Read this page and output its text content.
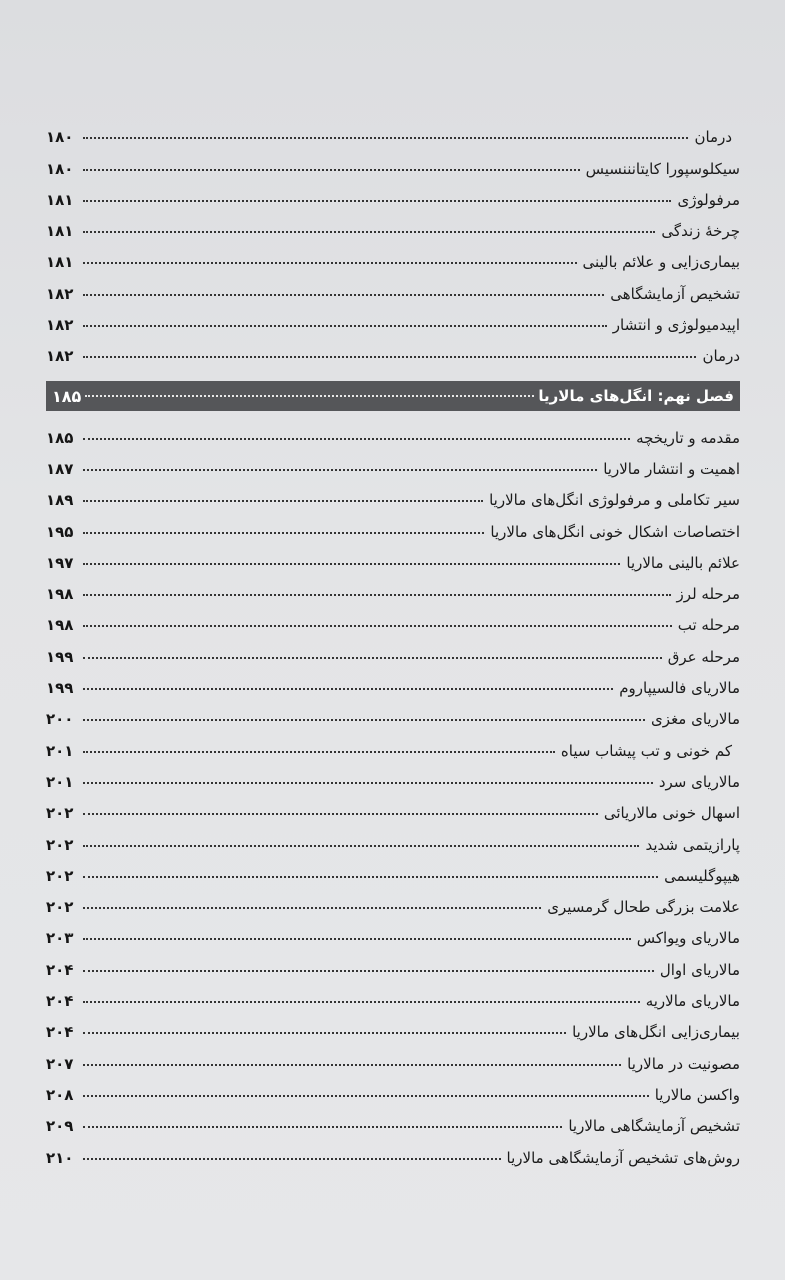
درمان
۱۸۰
سیکلوسپورا کایتانننسیس
۱۸۰
مرفولوژی
۱۸۱
چرخهٔ زندگی
۱۸۱
بیماری‌زایی و علائم بالینی
۱۸۱
تشخیص آزمایشگاهی
۱۸۲
اپیدمیولوژی و انتشار
۱۸۲
درمان
۱۸۲
فصل نهم: انگل‌های مالاریا
۱۸۵
مقدمه و تاریخچه
۱۸۵
اهمیت و انتشار مالاریا
۱۸۷
سیر تکاملی و مرفولوژی انگل‌های مالاریا
۱۸۹
اختصاصات اشکال خونی انگل‌های مالاریا
۱۹۵
علائم بالینی مالاریا
۱۹۷
مرحله لرز
۱۹۸
مرحله تب
۱۹۸
مرحله عرق
۱۹۹
مالاریای فالسیپاروم
۱۹۹
مالاریای مغزی
۲۰۰
کم خونی و تب پیشاب سیاه
۲۰۱
مالاریای سرد
۲۰۱
اسهال خونی مالاریائی
۲۰۲
پارازیتمی شدید
۲۰۲
هیپوگلیسمی
۲۰۲
علامت بزرگی طحال گرمسیری
۲۰۲
مالاریای ویواکس
۲۰۳
مالاریای اوال
۲۰۴
مالاریای مالاریه
۲۰۴
بیماری‌زایی انگل‌های مالاریا
۲۰۴
مصونیت در مالاریا
۲۰۷
واکسن مالاریا
۲۰۸
تشخیص آزمایشگاهی مالاریا
۲۰۹
روش‌های تشخیص آزمایشگاهی مالاریا
۲۱۰
